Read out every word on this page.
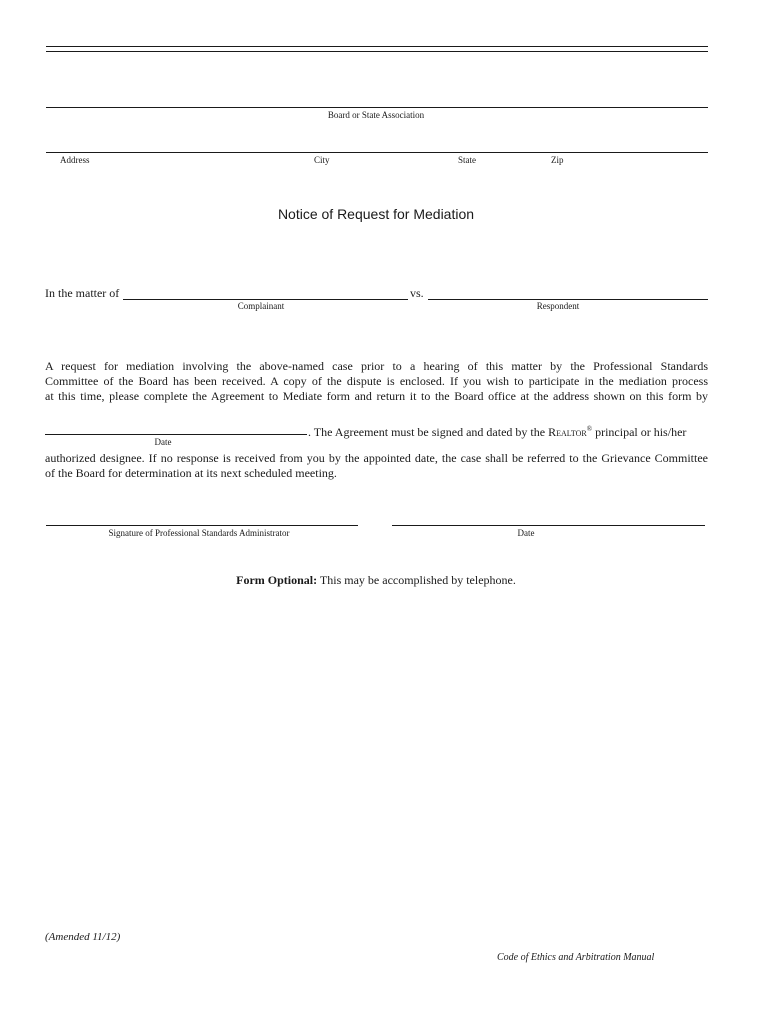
Board or State Association
Address	City	State	Zip
Notice of Request for Mediation
In the matter of	vs.
Complainant	Respondent
A request for mediation involving the above-named case prior to a hearing of this matter by the Professional Standards
Committee of the Board has been received. A copy of the dispute is enclosed. If you wish to participate in the mediation process
at this time, please complete the Agreement to Mediate form and return it to the Board office at the address shown on this form by
. The Agreement must be signed and dated by the Realtor® principal or his/her
Date
authorized designee. If no response is received from you by the appointed date, the case shall be referred to the Grievance Committee
of the Board for determination at its next scheduled meeting.
Signature of Professional Standards Administrator	Date
Form Optional: This may be accomplished by telephone.
(Amended 11/12)
Code of Ethics and Arbitration Manual
